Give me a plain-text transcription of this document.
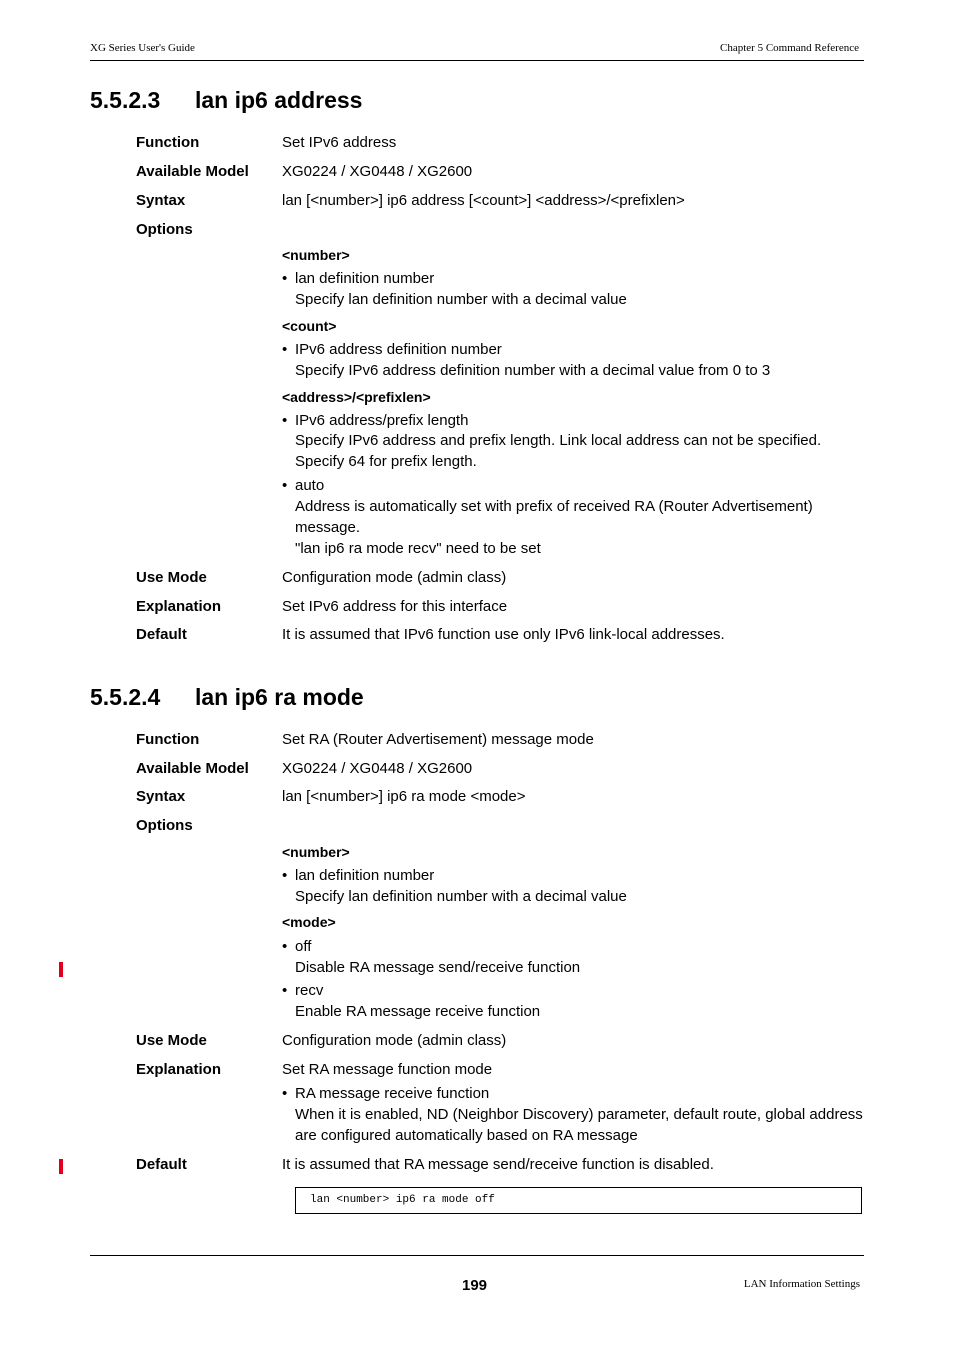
XG Series User's Guide	Chapter 5 Command Reference
5.5.2.3 lan ip6 address
Function	Set IPv6 address
Available Model XG0224 / XG0448 / XG2600
Syntax	lan [<number>] ip6 address [<count>] <address>/<prefixlen>
Options
<number>
• lan definition number
Specify lan definition number with a decimal value
<count>
• IPv6 address definition number
Specify IPv6 address definition number with a decimal value from 0 to 3
<address>/<prefixlen>
• IPv6 address/prefix length
Specify IPv6 address and prefix length. Link local address can not be specified.
Specify 64 for prefix length.
• auto
Address is automatically set with prefix of received RA (Router Advertisement)
message.
"lan ip6 ra mode recv" need to be set
Use Mode	Configuration mode (admin class)
Explanation	Set IPv6 address for this interface
Default	It is assumed that IPv6 function use only IPv6 link-local addresses.
5.5.2.4 lan ip6 ra mode
Function	Set RA (Router Advertisement) message mode
Available Model XG0224 / XG0448 / XG2600
Syntax	lan [<number>] ip6 ra mode <mode>
Options
<number>
• lan definition number
Specify lan definition number with a decimal value
<mode>
• off
Disable RA message send/receive function
• recv
Enable RA message receive function
Use Mode	Configuration mode (admin class)
Explanation	Set RA message function mode
• RA message receive function
When it is enabled, ND (Neighbor Discovery) parameter, default route, global address
are configured automatically based on RA message
Default	It is assumed that RA message send/receive function is disabled.
lan <number> ip6 ra mode off
199	LAN Information Settings
